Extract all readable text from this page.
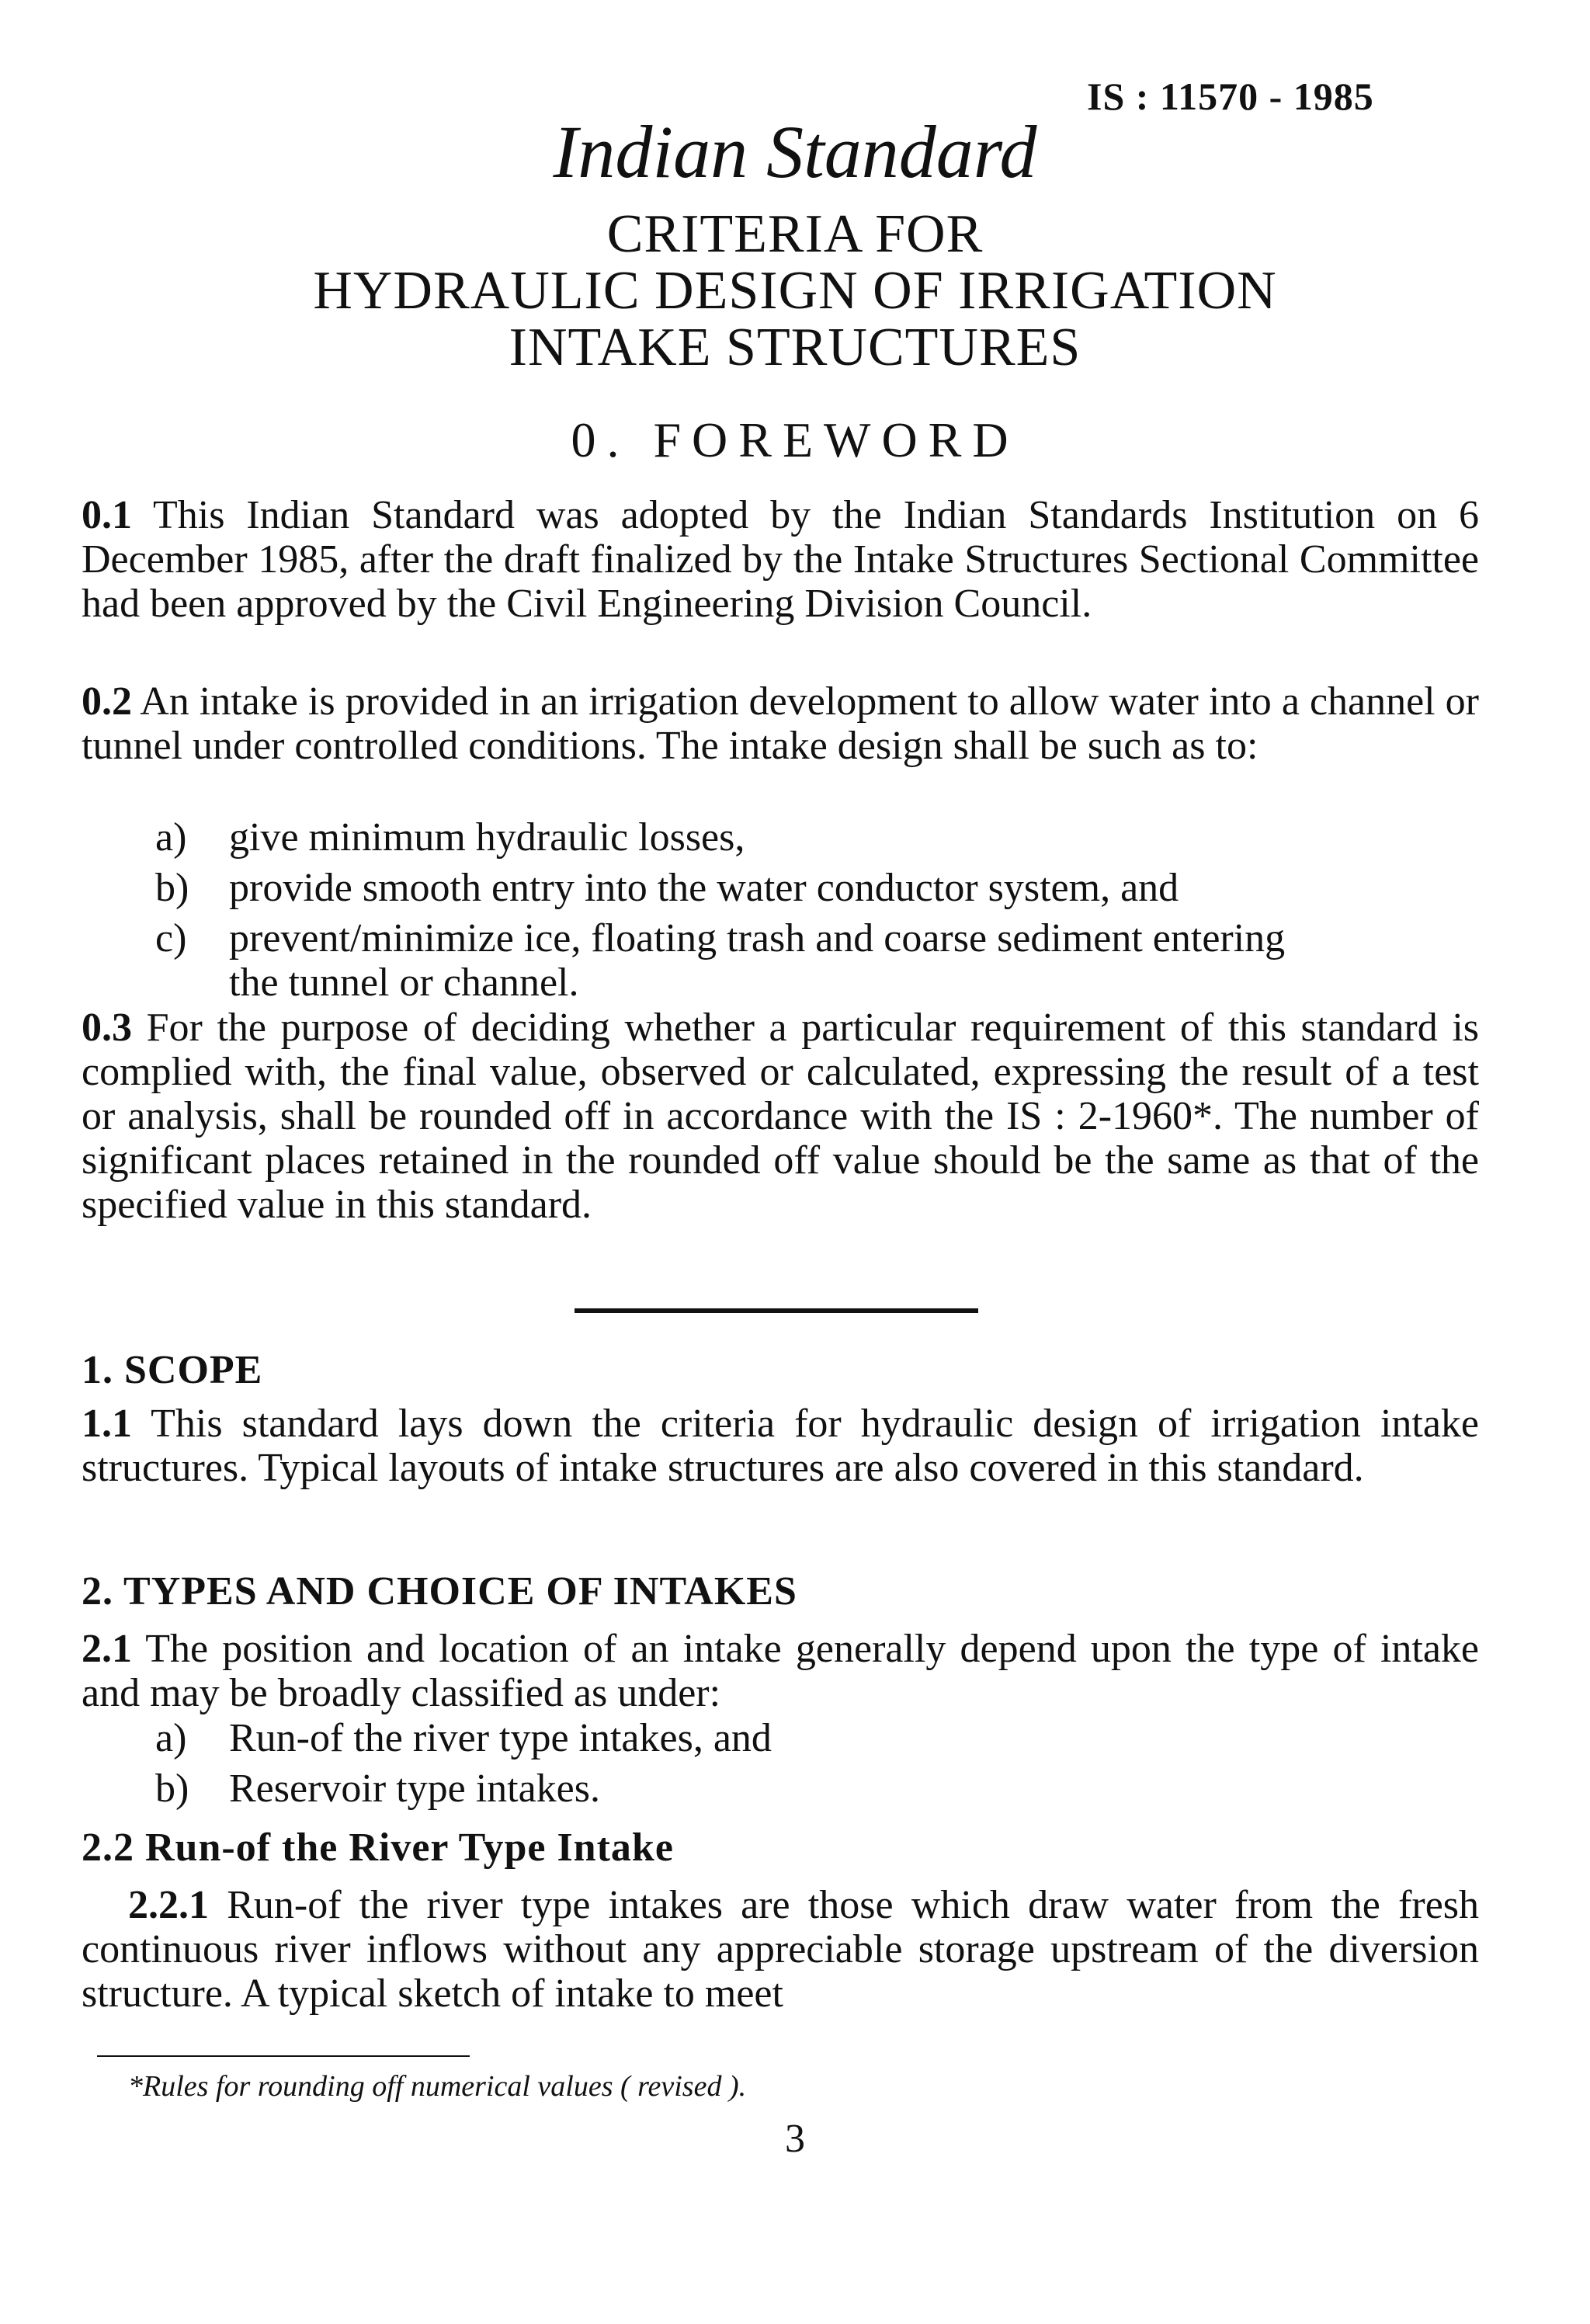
IS : 11570 - 1985
Indian Standard
CRITERIA FOR
HYDRAULIC DESIGN OF IRRIGATION
INTAKE STRUCTURES
0. FOREWORD
0.1 This Indian Standard was adopted by the Indian Standards Institution on 6 December 1985, after the draft finalized by the Intake Structures Sectional Committee had been approved by the Civil Engineering Division Council.
0.2 An intake is provided in an irrigation development to allow water into a channel or tunnel under controlled conditions. The intake design shall be such as to:
a) give minimum hydraulic losses,
b) provide smooth entry into the water conductor system, and
c) prevent/minimize ice, floating trash and coarse sediment entering
the tunnel or channel.
0.3 For the purpose of deciding whether a particular requirement of this standard is complied with, the final value, observed or calculated, expressing the result of a test or analysis, shall be rounded off in accordance with the IS : 2-1960*. The number of significant places retained in the rounded off value should be the same as that of the specified value in this standard.
1. SCOPE
1.1 This standard lays down the criteria for hydraulic design of irrigation intake structures. Typical layouts of intake structures are also covered in this standard.
2. TYPES AND CHOICE OF INTAKES
2.1 The position and location of an intake generally depend upon the type of intake and may be broadly classified as under:
a) Run-of the river type intakes, and
b) Reservoir type intakes.
2.2 Run-of the River Type Intake
2.2.1 Run-of the river type intakes are those which draw water from the fresh continuous river inflows without any appreciable storage upstream of the diversion structure. A typical sketch of intake to meet
*Rules for rounding off numerical values ( revised ).
3
